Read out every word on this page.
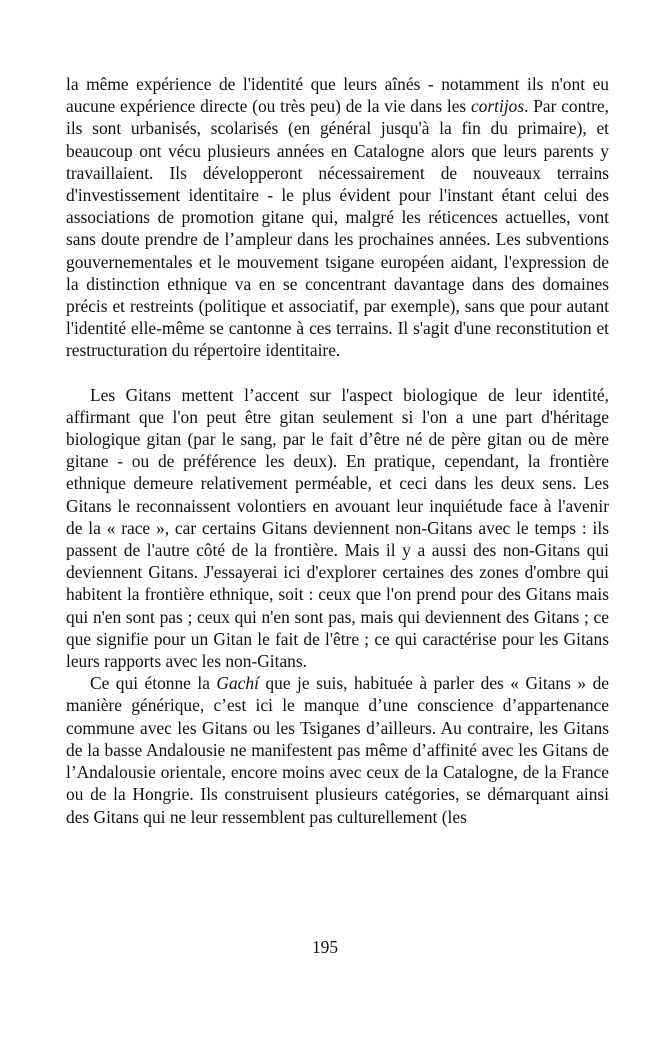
la même expérience de l'identité que leurs aînés - notamment ils n'ont eu aucune expérience directe (ou très peu) de la vie dans les cortijos. Par contre, ils sont urbanisés, scolarisés (en général jusqu'à la fin du primaire), et beaucoup ont vécu plusieurs années en Catalogne alors que leurs parents y travaillaient. Ils développeront nécessairement de nouveaux terrains d'investissement identitaire - le plus évident pour l'instant étant celui des associations de promotion gitane qui, malgré les réticences actuelles, vont sans doute prendre de l’ampleur dans les prochaines années. Les subventions gouvernementales et le mouvement tsigane européen aidant, l'expression de la distinction ethnique va en se concentrant davantage dans des domaines précis et restreints (politique et associatif, par exemple), sans que pour autant l'identité elle-même se cantonne à ces terrains. Il s'agit d'une reconstitution et restructuration du répertoire identitaire.

Les Gitans mettent l’accent sur l'aspect biologique de leur identité, affirmant que l'on peut être gitan seulement si l'on a une part d'héritage biologique gitan (par le sang, par le fait d’être né de père gitan ou de mère gitane - ou de préférence les deux). En pratique, cependant, la frontière ethnique demeure relativement perméable, et ceci dans les deux sens. Les Gitans le reconnaissent volontiers en avouant leur inquiétude face à l'avenir de la « race », car certains Gitans deviennent non-Gitans avec le temps : ils passent de l'autre côté de la frontière. Mais il y a aussi des non-Gitans qui deviennent Gitans. J'essayerai ici d'explorer certaines des zones d'ombre qui habitent la frontière ethnique, soit : ceux que l'on prend pour des Gitans mais qui n'en sont pas ; ceux qui n'en sont pas, mais qui deviennent des Gitans ; ce que signifie pour un Gitan le fait de l'être ; ce qui caractérise pour les Gitans leurs rapports avec les non-Gitans.

Ce qui étonne la Gachí que je suis, habituée à parler des « Gitans » de manière générique, c’est ici le manque d’une conscience d’appartenance commune avec les Gitans ou les Tsiganes d’ailleurs. Au contraire, les Gitans de la basse Andalousie ne manifestent pas même d’affinité avec les Gitans de l’Andalousie orientale, encore moins avec ceux de la Catalogne, de la France ou de la Hongrie. Ils construisent plusieurs catégories, se démarquant ainsi des Gitans qui ne leur ressemblent pas culturellement (les

195
